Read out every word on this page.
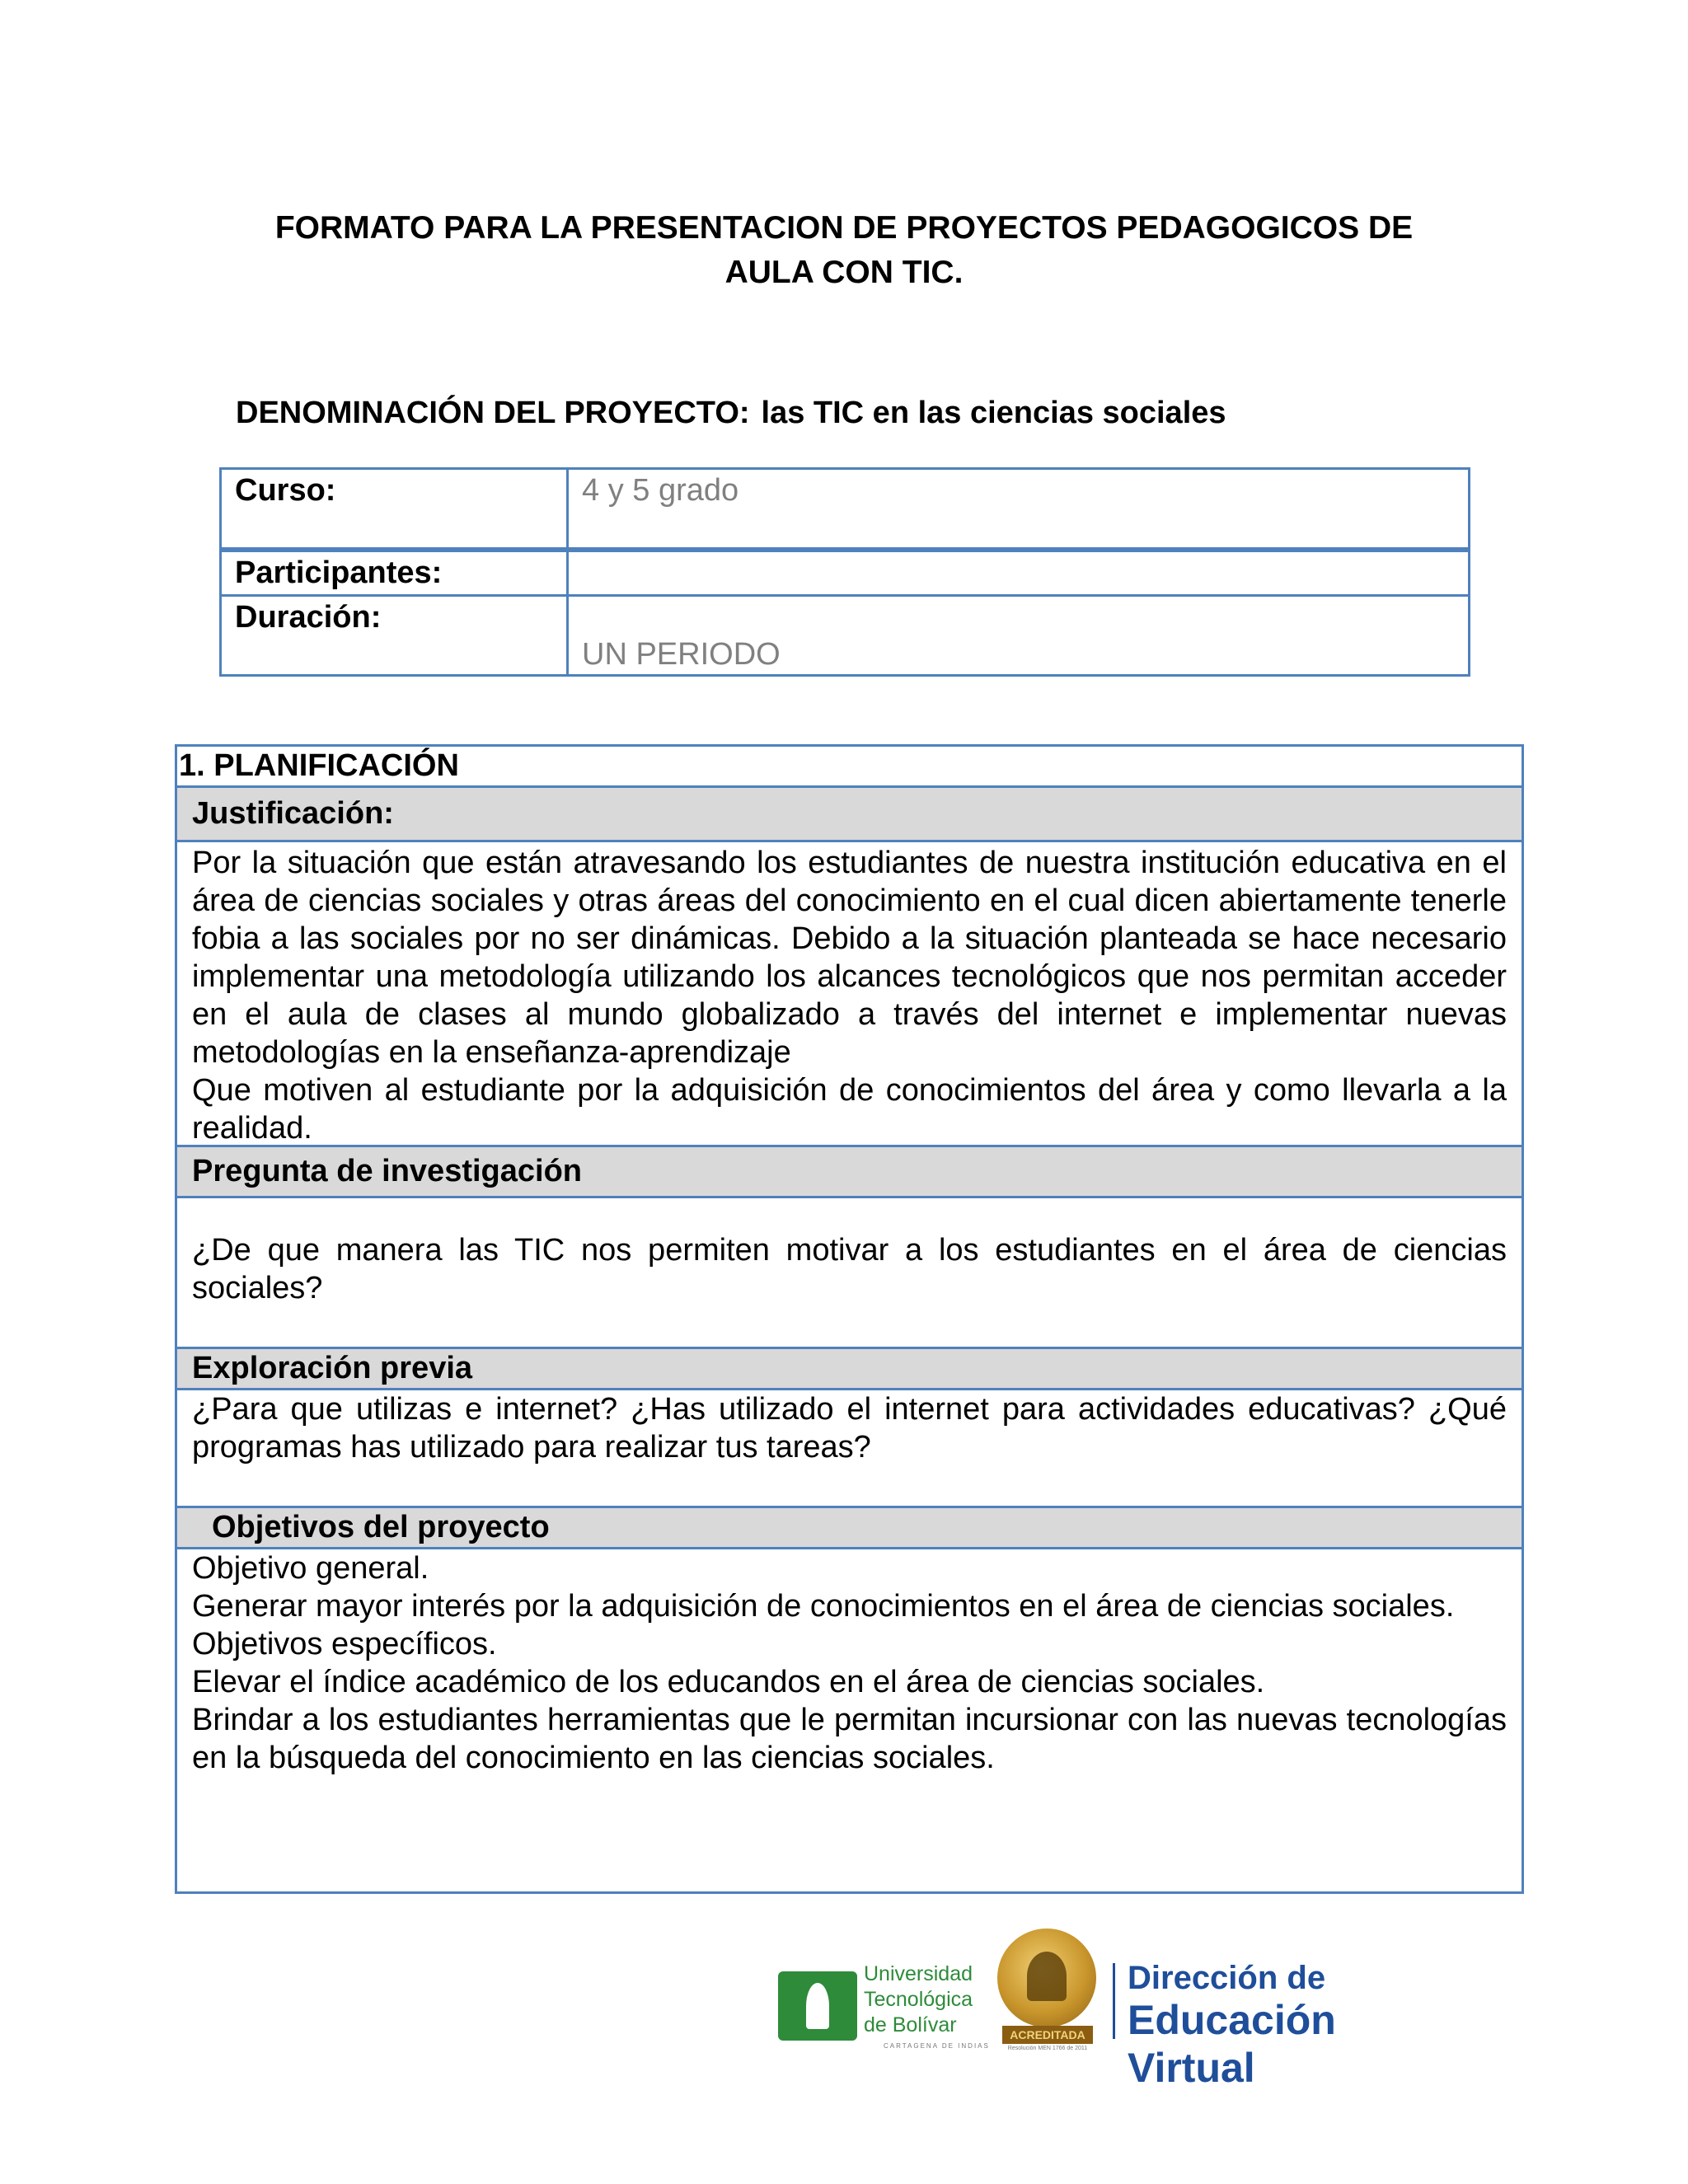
FORMATO PARA LA PRESENTACION DE PROYECTOS PEDAGOGICOS DE
AULA CON TIC.
DENOMINACIÓN DEL PROYECTO: las TIC en las ciencias sociales
Curso:	4 y 5 grado
Participantes:	
Duración:	UN PERIODO
1. PLANIFICACIÓN
Justificación:

Por la situación que están atravesando los estudiantes de nuestra institución educativa en el área de ciencias sociales y otras áreas del conocimiento en el cual dicen abiertamente tenerle fobia a las sociales por no ser dinámicas. Debido a la situación planteada se hace necesario implementar una metodología utilizando los alcances tecnológicos que nos permitan acceder en el aula de clases al mundo globalizado a través del internet e implementar nuevas metodologías en la enseñanza-aprendizaje

Que motiven al estudiante por la adquisición de conocimientos del área y como llevarla a la realidad.

Pregunta de investigación

¿De que manera las TIC nos permiten motivar a los estudiantes en el área de ciencias sociales?

Exploración previa

¿Para que utilizas e internet? ¿Has utilizado el internet para actividades educativas? ¿Qué programas has utilizado para realizar tus tareas?

Objetivos del proyecto

Objetivo general.

Generar mayor interés por la adquisición de conocimientos en el área de ciencias sociales.

Objetivos específicos.

Elevar el índice académico de los educandos en el área de ciencias sociales.

Brindar a los estudiantes herramientas que le permitan incursionar con las nuevas tecnologías en la búsqueda del conocimiento en las ciencias sociales.

Universidad
Tecnológica
de Bolívar
CARTAGENA DE INDIAS
ACREDITADA
Resolución MEN 1766 de 2011
Dirección de
Educación Virtual
